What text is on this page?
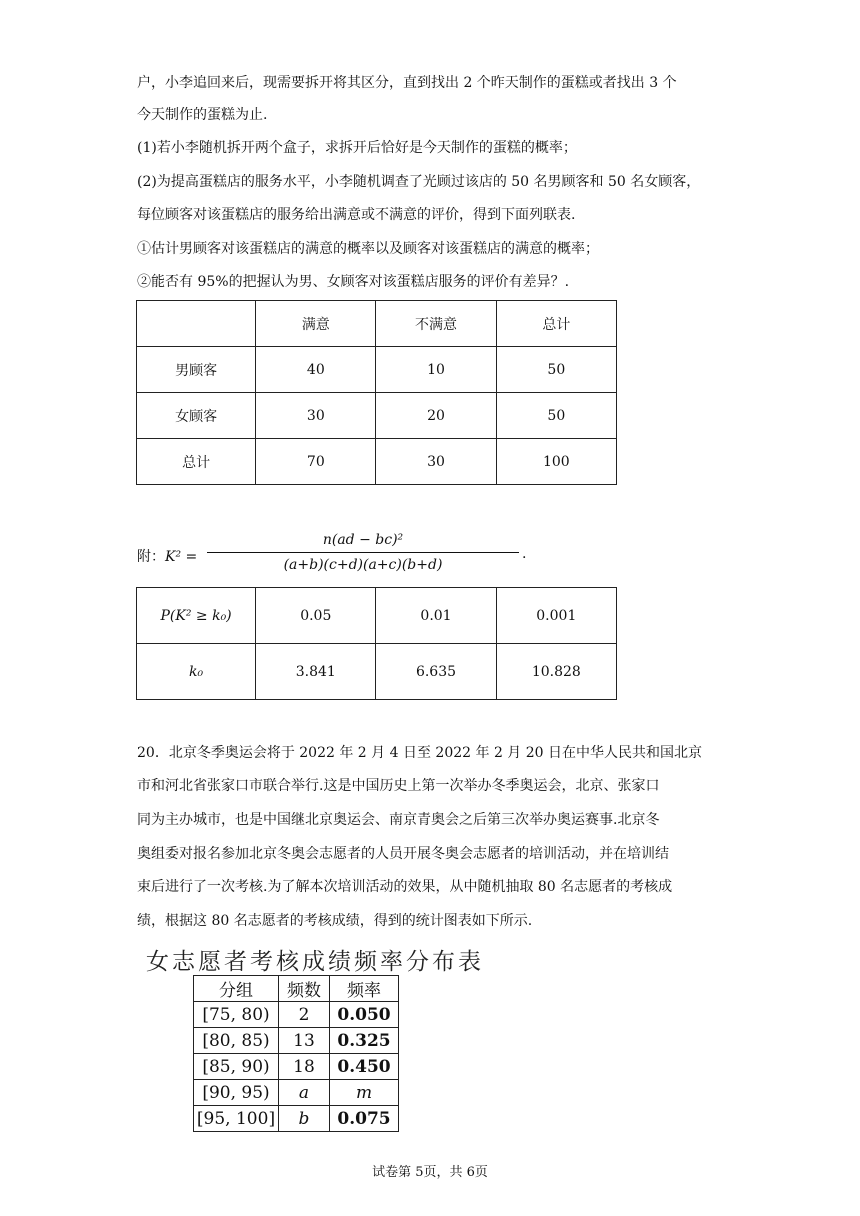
户，小李追回来后，现需要拆开将其区分，直到找出 2 个昨天制作的蛋糕或者找出 3 个
今天制作的蛋糕为止.
(1)若小李随机拆开两个盒子，求拆开后恰好是今天制作的蛋糕的概率；
(2)为提高蛋糕店的服务水平，小李随机调查了光顾过该店的 50 名男顾客和 50 名女顾客，
每位顾客对该蛋糕店的服务给出满意或不满意的评价，得到下面列联表.
①估计男顾客对该蛋糕店的满意的概率以及顾客对该蛋糕店的满意的概率；
②能否有 95%的把握认为男、女顾客对该蛋糕店服务的评价有差异？.
	满意	不满意	总计
男顾客	40	10	50
女顾客	30	20	50
总计	70	30	100
附：K² =
n(ad − bc)²
(a+b)(c+d)(a+c)(b+d)
.
P(K² ≥ k₀)	0.05	0.01	0.001
k₀	3.841	6.635	10.828
20．北京冬季奥运会将于 2022 年 2 月 4 日至 2022 年 2 月 20 日在中华人民共和国北京
市和河北省张家口市联合举行.这是中国历史上第一次举办冬季奥运会，北京、张家口
同为主办城市，也是中国继北京奥运会、南京青奥会之后第三次举办奥运赛事.北京冬
奥组委对报名参加北京冬奥会志愿者的人员开展冬奥会志愿者的培训活动，并在培训结
束后进行了一次考核.为了解本次培训活动的效果，从中随机抽取 80 名志愿者的考核成
绩，根据这 80 名志愿者的考核成绩，得到的统计图表如下所示.
女志愿者考核成绩频率分布表
分组	频数	频率
[75, 80)	2	0.050
[80, 85)	13	0.325
[85, 90)	18	0.450
[90, 95)	a	m
[95, 100]	b	0.075
试卷第 5页，共 6页
